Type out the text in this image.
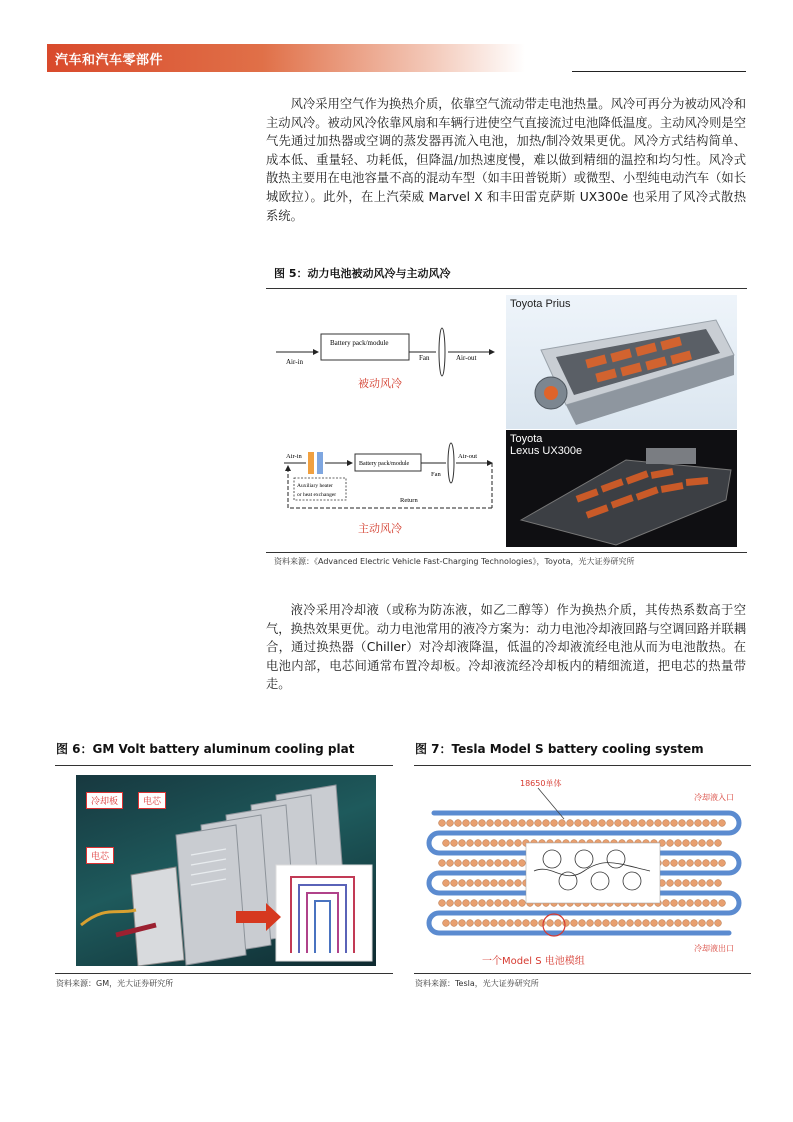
汽车和汽车零部件

风冷采用空气作为换热介质，依靠空气流动带走电池热量。风冷可再分为被动风冷和主动风冷。被动风冷依靠风扇和车辆行进使空气直接流过电池降低温度。主动风冷则是空气先通过加热器或空调的蒸发器再流入电池，加热/制冷效果更优。风冷方式结构简单、成本低、重量轻、功耗低，但降温/加热速度慢，难以做到精细的温控和均匀性。风冷式散热主要用在电池容量不高的混动车型（如丰田普锐斯）或微型、小型纯电动汽车（如长城欧拉）。此外，在上汽荣威 Marvel X 和丰田雷克萨斯 UX300e 也采用了风冷式散热系统。

图 5：动力电池被动风冷与主动风冷
Air-in
Battery pack/module
Fan	Air-out
被动风冷
Air-in
Battery pack/module
Fan
Air-out
Auxiliary heater
or heat exchanger
Return
主动风冷
Toyota Prius
Toyota
Lexus UX300e
资料来源：《Advanced Electric Vehicle Fast-Charging Technologies》，Toyota，光大证券研究所

液冷采用冷却液（或称为防冻液，如乙二醇等）作为换热介质，其传热系数高于空气，换热效果更优。动力电池常用的液冷方案为：动力电池冷却液回路与空调回路并联耦合，通过换热器（Chiller）对冷却液降温，低温的冷却液流经电池从而为电池散热。在电池内部，电芯间通常布置冷却板。冷却液流经冷却板内的精细流道，把电芯的热量带走。

图 6：GM Volt battery aluminum cooling plat
冷却板	电芯
电芯
资料来源：GM，光大证券研究所
图 7：Tesla Model S battery cooling system
18650单体
冷却液入口
冷却液出口
一个Model S 电池模组
资料来源：Tesla，光大证券研究所
